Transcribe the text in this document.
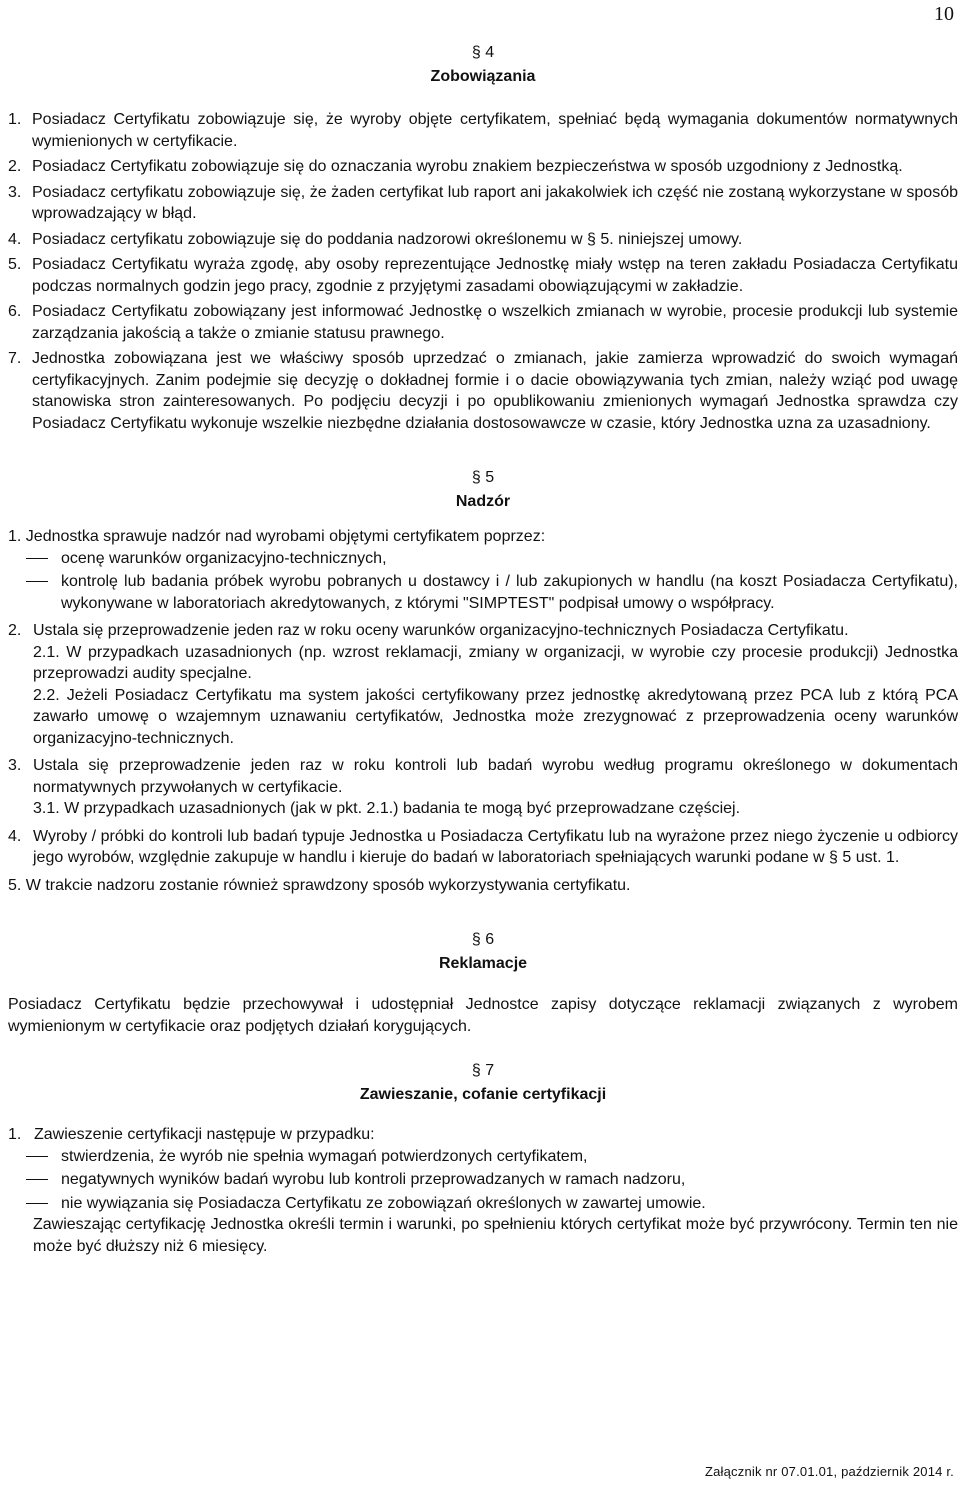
10
§ 4
Zobowiązania
1. Posiadacz Certyfikatu zobowiązuje się, że wyroby objęte certyfikatem, spełniać będą wymagania dokumentów normatywnych wymienionych w certyfikacie.
2. Posiadacz Certyfikatu zobowiązuje się do oznaczania wyrobu znakiem bezpieczeństwa w sposób uzgodniony z Jednostką.
3. Posiadacz certyfikatu zobowiązuje się, że żaden certyfikat lub raport ani jakakolwiek ich część nie zostaną wykorzystane w sposób wprowadzający w błąd.
4. Posiadacz certyfikatu zobowiązuje się do poddania nadzorowi określonemu w § 5. niniejszej umowy.
5. Posiadacz Certyfikatu wyraża zgodę, aby osoby reprezentujące Jednostkę miały wstęp na teren zakładu Posiadacza Certyfikatu podczas normalnych godzin jego pracy, zgodnie z przyjętymi zasadami obowiązującymi w zakładzie.
6. Posiadacz Certyfikatu zobowiązany jest informować Jednostkę o wszelkich zmianach w wyrobie, procesie produkcji lub systemie zarządzania jakością a także o zmianie statusu prawnego.
7. Jednostka zobowiązana jest we właściwy sposób uprzedzać o zmianach, jakie zamierza wprowadzić do swoich wymagań certyfikacyjnych. Zanim podejmie się decyzję o dokładnej formie i o dacie obowiązywania tych zmian, należy wziąć pod uwagę stanowiska stron zainteresowanych. Po podjęciu decyzji i po opublikowaniu zmienionych wymagań Jednostka sprawdza czy Posiadacz Certyfikatu wykonuje wszelkie niezbędne działania dostosowawcze w czasie, który Jednostka uzna za uzasadniony.
§ 5
Nadzór

1. Jednostka sprawuje nadzór nad wyrobami objętymi certyfikatem poprzez:

ocenę warunków organizacyjno-technicznych,
kontrolę lub badania próbek wyrobu pobranych u dostawcy i / lub zakupionych w handlu (na koszt Posiadacza Certyfikatu), wykonywane w laboratoriach akredytowanych, z którymi "SIMPTEST" podpisał umowy o współpracy.
2. Ustala się przeprowadzenie jeden raz w roku oceny warunków organizacyjno-technicznych Posiadacza Certyfikatu.

2.1. W przypadkach uzasadnionych (np. wzrost reklamacji, zmiany w organizacji, w wyrobie czy procesie produkcji) Jednostka przeprowadzi audity specjalne.

2.2. Jeżeli Posiadacz Certyfikatu ma system jakości certyfikowany przez jednostkę akredytowaną przez PCA lub z którą PCA zawarło umowę o wzajemnym uznawaniu certyfikatów, Jednostka może zrezygnować z przeprowadzenia oceny warunków organizacyjno-technicznych.

3. Ustala się przeprowadzenie jeden raz w roku kontroli lub badań wyrobu według programu określonego w dokumentach normatywnych przywołanych w certyfikacie.

3.1. W przypadkach uzasadnionych (jak w pkt. 2.1.) badania te mogą być przeprowadzane częściej.

4. Wyroby / próbki do kontroli lub badań typuje Jednostka u Posiadacza Certyfikatu lub na wyrażone przez niego życzenie u odbiorcy jego wyrobów, względnie zakupuje w handlu i kieruje do badań w laboratoriach spełniających warunki podane w § 5 ust. 1.

5. W trakcie nadzoru zostanie również sprawdzony sposób wykorzystywania certyfikatu.

§ 6
Reklamacje

Posiadacz Certyfikatu będzie przechowywał i udostępniał Jednostce zapisy dotyczące reklamacji związanych z wyrobem wymienionym w certyfikacie oraz podjętych działań korygujących.

§ 7
Zawieszanie, cofanie certyfikacji
1. Zawieszenie certyfikacji następuje w przypadku:
stwierdzenia, że wyrób nie spełnia wymagań potwierdzonych certyfikatem,
negatywnych wyników badań wyrobu lub kontroli przeprowadzanych w ramach nadzoru,
nie wywiązania się Posiadacza Certyfikatu ze zobowiązań określonych w zawartej umowie.

Zawieszając certyfikację Jednostka określi termin i warunki, po spełnieniu których certyfikat może być przywrócony. Termin ten nie może być dłuższy niż 6 miesięcy.

Załącznik nr 07.01.01, październik 2014 r.
